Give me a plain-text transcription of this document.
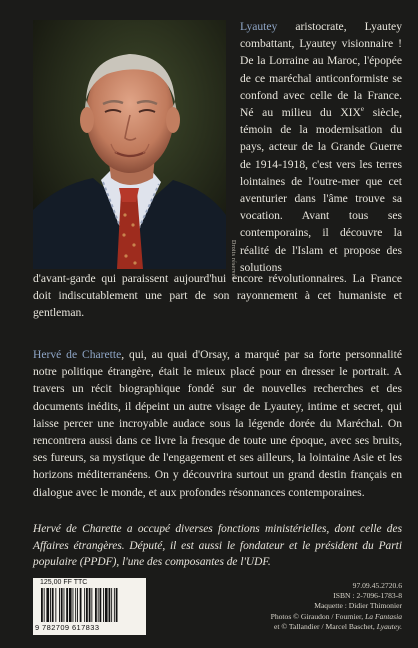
Droits réservés

Lyautey aristocrate, Lyautey combattant, Lyautey visionnaire ! De la Lorraine au Maroc, l'épopée de ce maréchal anticonformiste se confond avec celle de la France. Né au milieu du XIXe siècle, témoin de la modernisation du pays, acteur de la Grande Guerre de 1914-1918, c'est vers les terres lointaines de l'outre-mer que cet aventurier dans l'âme trouve sa vocation. Avant tous ses contemporains, il découvre la réalité de l'Islam et propose des solutions

d'avant-garde qui paraissent aujourd'hui encore révolutionnaires. La France doit indiscutablement une part de son rayonnement à cet humaniste et gentleman.

Hervé de Charette, qui, au quai d'Orsay, a marqué par sa forte personnalité notre politique étrangère, était le mieux placé pour en dresser le portrait. A travers un récit biographique fondé sur de nouvelles recherches et des documents inédits, il dépeint un autre visage de Lyautey, intime et secret, qui laisse percer une incroyable audace sous la légende dorée du Maréchal. On rencontrera aussi dans ce livre la fresque de toute une époque, avec ses bruits, ses fureurs, sa mystique de l'engagement et ses ailleurs, la lointaine Asie et les horizons méditerranéens. On y découvrira surtout un grand destin français en dialogue avec le monde, et aux profondes résonnances contemporaines.

Hervé de Charette a occupé diverses fonctions ministérielles, dont celle des Affaires étrangères. Député, il est aussi le fondateur et le président du Parti populaire (PPDF), l'une des composantes de l'UDF.

125,00 FF TTC
9 782709 617833
97.09.45.2720.6
ISBN : 2-7096-1783-8
Maquette : Didier Thimonier
Photos © Giraudon / Fournier, La Fantasia
et © Tallandier / Marcel Baschet, Lyautey.
